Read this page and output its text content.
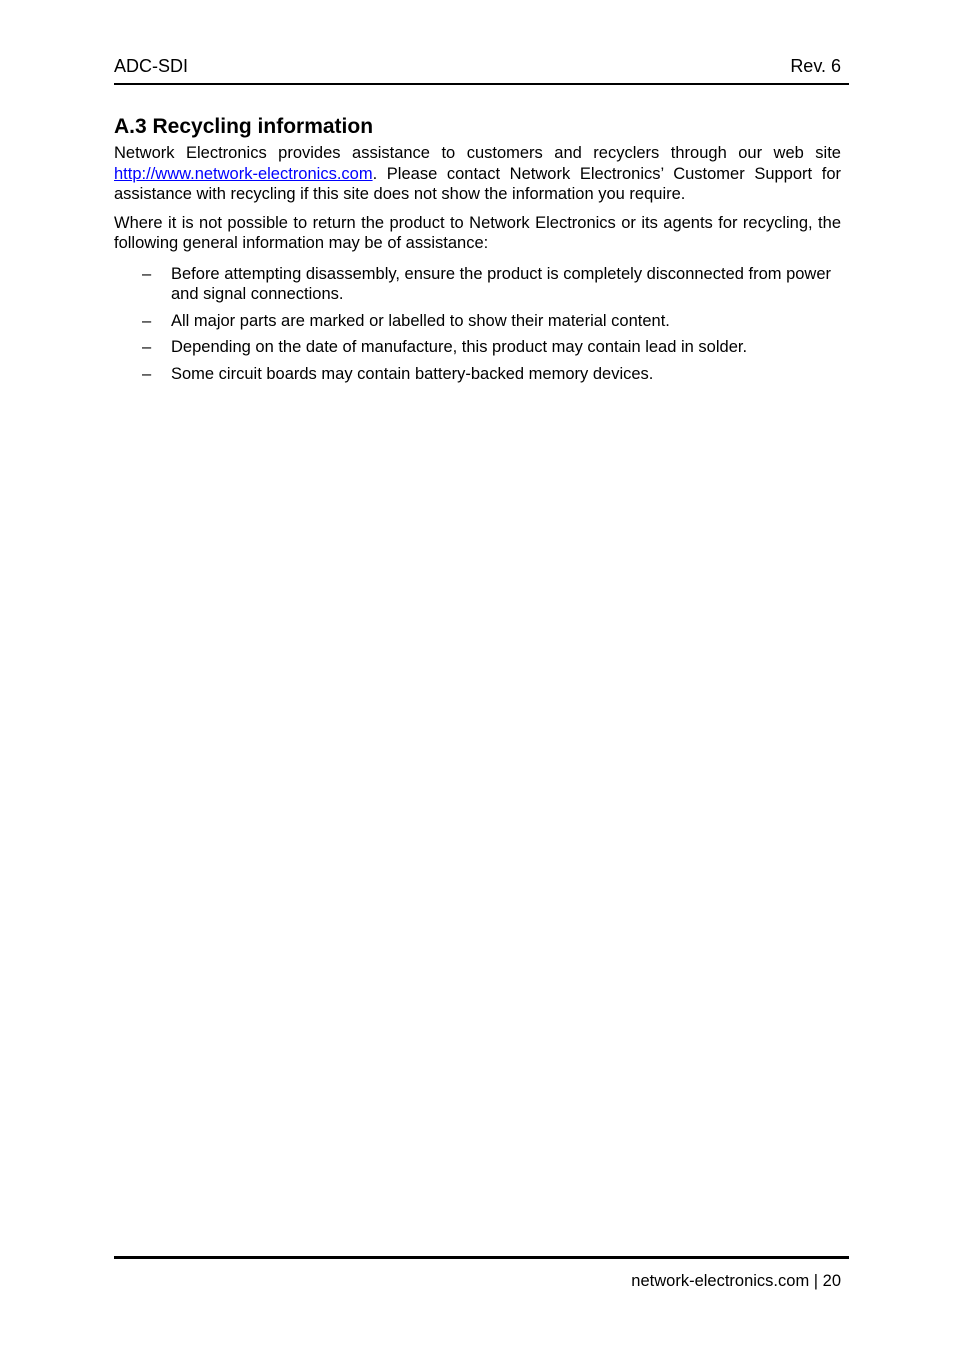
ADC-SDI	Rev. 6
A.3 Recycling information

Network Electronics provides assistance to customers and recyclers through our web site http://www.network-electronics.com. Please contact Network Electronics’ Customer Support for assistance with recycling if this site does not show the information you require.

Where it is not possible to return the product to Network Electronics or its agents for recycling, the following general information may be of assistance:

– Before attempting disassembly, ensure the product is completely disconnected from power and signal connections.
– All major parts are marked or labelled to show their material content.
– Depending on the date of manufacture, this product may contain lead in solder.
– Some circuit boards may contain battery-backed memory devices.
network-electronics.com | 20
